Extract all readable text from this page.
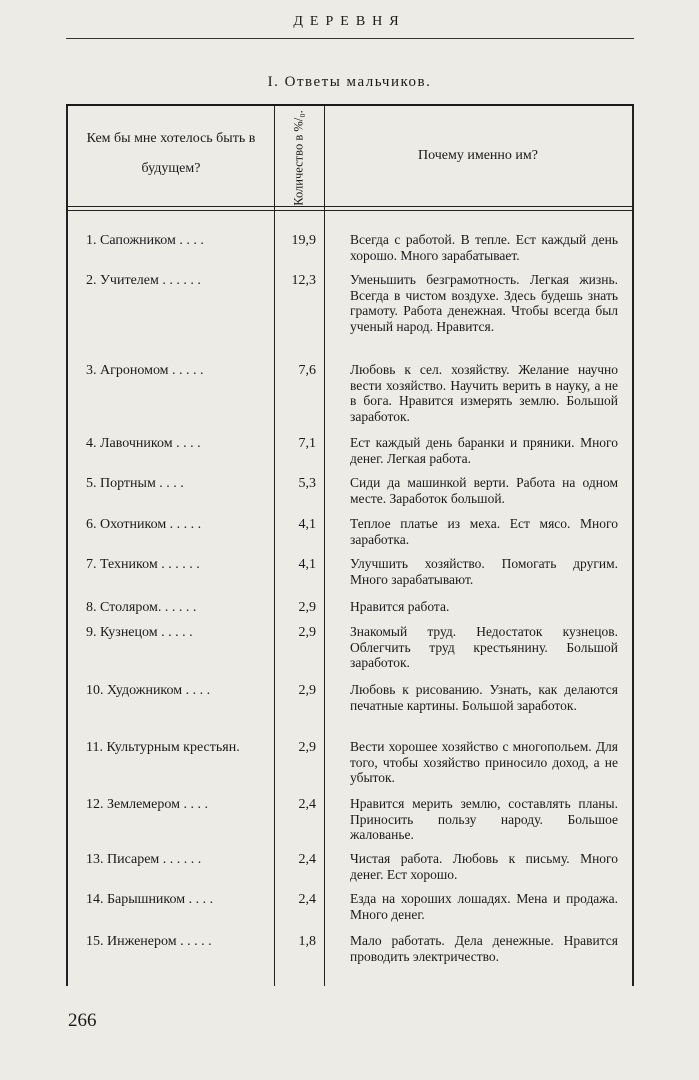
ДЕРЕВНЯ
I. Ответы мальчиков.
Кем бы мне хотелось быть в будущем?	Количество в %/₀.	Почему именно им?
1. Сапожником . . . .	19,9	Всегда с работой. В тепле. Ест каждый день хорошо. Много зарабатывает.
2. Учителем . . . . . .	12,3	Уменьшить безграмотность. Легкая жизнь. Всегда в чистом воздухе. Здесь будешь знать грамоту. Работа денежная. Чтобы всегда был ученый народ. Нравится.
3. Агрономом . . . . .	7,6	Любовь к сел. хозяйству. Желание научно вести хозяйство. Научить верить в науку, а не в бога. Нравится измерять землю. Большой заработок.
4. Лавочником . . . .	7,1	Ест каждый день баранки и пряники. Много денег. Легкая работа.
5. Портным . . . .	5,3	Сиди да машинкой верти. Работа на одном месте. Заработок большой.
6. Охотником . . . . .	4,1	Теплое платье из меха. Ест мясо. Много заработка.
7. Техником . . . . . .	4,1	Улучшить хозяйство. Помогать другим. Много зарабатывают.
8. Столяром. . . . . .	2,9	Нравится работа.
9. Кузнецом . . . . .	2,9	Знакомый труд. Недостаток кузнецов. Облегчить труд крестьянину. Большой заработок.
10. Художником . . . .	2,9	Любовь к рисованию. Узнать, как делаются печатные картины. Большой заработок.
11. Культурным крестьян.	2,9	Вести хорошее хозяйство с многопольем. Для того, чтобы хозяйство приносило доход, а не убыток.
12. Землемером . . . .	2,4	Нравится мерить землю, составлять планы. Приносить пользу народу. Большое жалованье.
13. Писарем . . . . . .	2,4	Чистая работа. Любовь к письму. Много денег. Ест хорошо.
14. Барышником . . . .	2,4	Езда на хороших лошадях. Мена и продажа. Много денег.
15. Инженером . . . . .	1,8	Мало работать. Дела денежные. Нравится проводить электричество.
266
